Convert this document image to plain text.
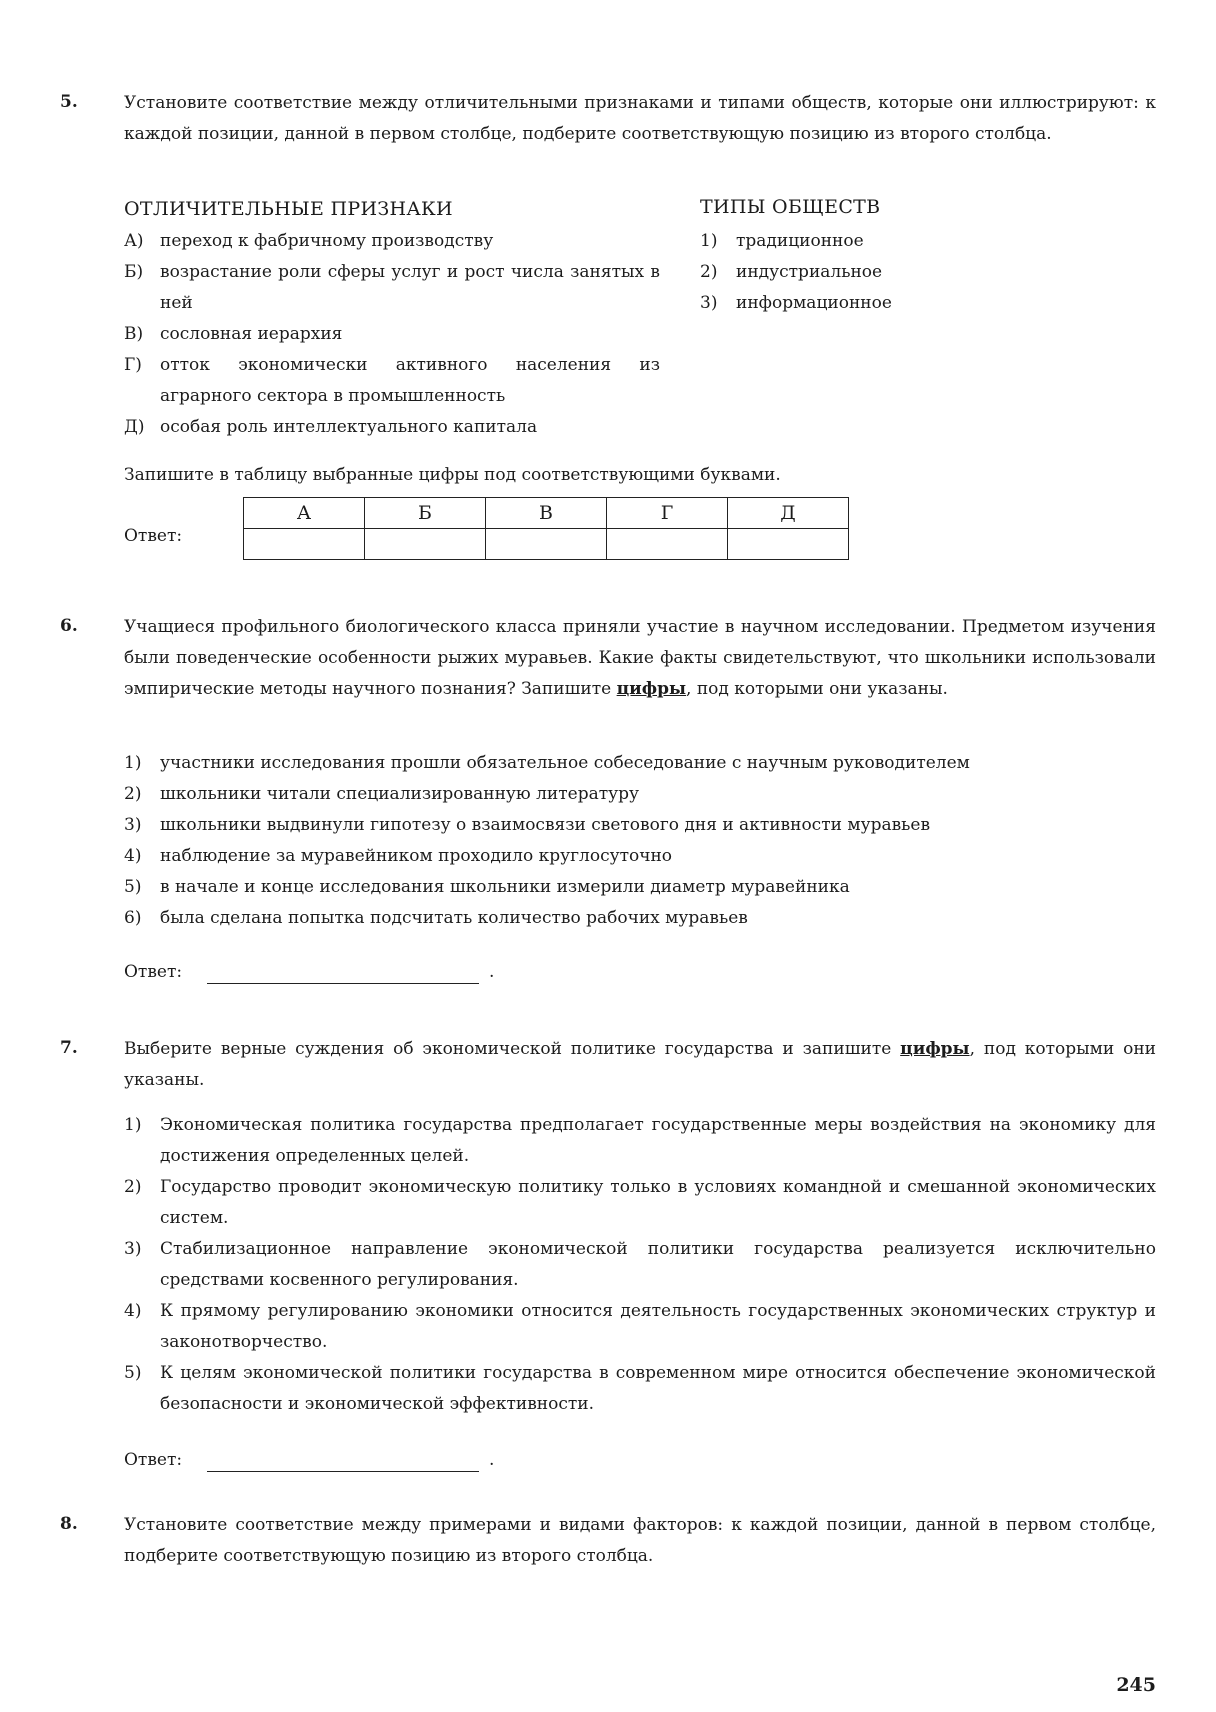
5.	Установите соответствие между отличительными признаками и типами обществ, которые они иллюстрируют: к каждой позиции, данной в первом столбце, подберите соответствующую позицию из второго столбца.
ОТЛИЧИТЕЛЬНЫЕ ПРИЗНАКИ	ТИПЫ ОБЩЕСТВ
А) переход к фабричному производству
Б) возрастание роли сферы услуг и рост числа занятых в ней
В) сословная иерархия
Г) отток экономически активного населения из аграрного сектора в промышленность
Д) особая роль интеллектуального капитала
1) традиционное
2) индустриальное
3) информационное
Запишите в таблицу выбранные цифры под соответствующими буквами.
Ответ:
А	Б	В	Г	Д

6.	Учащиеся профильного биологического класса приняли участие в научном исследовании. Предметом изучения были поведенческие особенности рыжих муравьев. Какие факты свидетельствуют, что школьники использовали эмпирические методы научного познания? Запишите цифры, под которыми они указаны.
1) участники исследования прошли обязательное собеседование с научным руководителем
2) школьники читали специализированную литературу
3) школьники выдвинули гипотезу о взаимосвязи светового дня и активности муравьев
4) наблюдение за муравейником проходило круглосуточно
5) в начале и конце исследования школьники измерили диаметр муравейника
6) была сделана попытка подсчитать количество рабочих муравьев
Ответ:	.
7.	Выберите верные суждения об экономической политике государства и запишите цифры, под которыми они указаны.
1) Экономическая политика государства предполагает государственные меры воздействия на экономику для достижения определенных целей.
2) Государство проводит экономическую политику только в условиях командной и смешанной экономических систем.
3) Стабилизационное направление экономической политики государства реализуется исключительно средствами косвенного регулирования.
4) К прямому регулированию экономики относится деятельность государственных экономических структур и законотворчество.
5) К целям экономической политики государства в современном мире относится обеспечение экономической безопасности и экономической эффективности.
Ответ:	.
8.	Установите соответствие между примерами и видами факторов: к каждой позиции, данной в первом столбце, подберите соответствующую позицию из второго столбца.
245
